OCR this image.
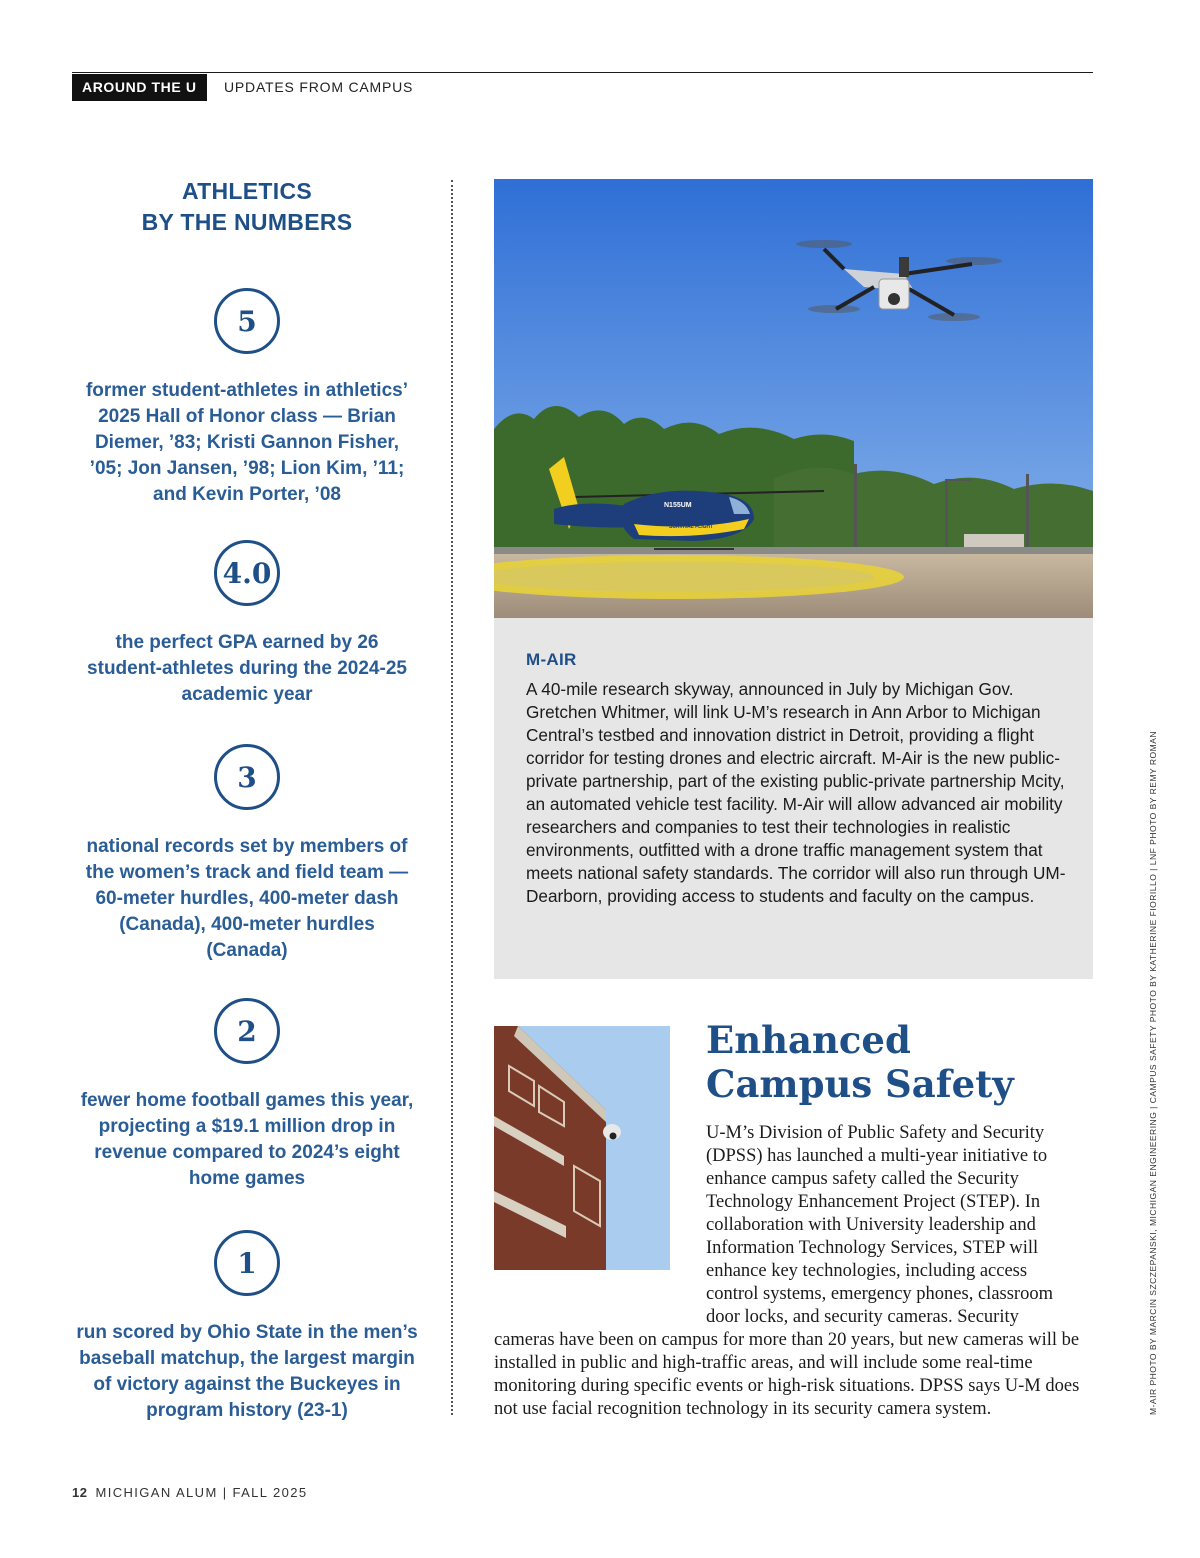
AROUND THE U	UPDATES FROM CAMPUS
ATHLETICS
BY THE NUMBERS
5
former student-athletes in athletics’ 2025 Hall of Honor class — Brian Diemer, ’83; Kristi Gannon Fisher, ’05; Jon Jansen, ’98; Lion Kim, ’11; and Kevin Porter, ’08
4.0
the perfect GPA earned by 26 student-athletes during the 2024-25 academic year
3
national records set by members of the women’s track and field team — 60-meter hurdles, 400-meter dash (Canada), 400-meter hurdles (Canada)
2
fewer home football games this year, projecting a $19.1 million drop in revenue compared to 2024’s eight home games
1
run scored by Ohio State in the men’s baseball matchup, the largest margin of victory against the Buckeyes in program history (23-1)
N155UM
SURVIVAL FLIGHT
M-AIR
A 40-mile research skyway, announced in July by Michigan Gov. Gretchen Whitmer, will link U-M’s research in Ann Arbor to Michigan Central’s testbed and innovation district in Detroit, providing a flight corridor for testing drones and electric aircraft. M-Air is the new public-private partnership, part of the existing public-private partnership Mcity, an automated vehicle test facility. M-Air will allow advanced air mobility researchers and companies to test their technologies in realistic environments, outfitted with a drone traffic management system that meets national safety standards. The corridor will also run through UM-Dearborn, providing access to students and faculty on the campus.
Enhanced
Campus Safety
U-M’s Division of Public Safety and Security (DPSS) has launched a multi-year initiative to enhance campus safety called the Security Technology Enhancement Project (STEP). In collaboration with University leadership and Information Technology Services, STEP will enhance key technologies, including access control systems, emergency phones, classroom door locks, and security cameras. Security cameras have been on campus for more than 20 years, but new cameras will be installed in public and high-traffic areas, and will include some real-time monitoring during specific events or high-risk situations. DPSS says U-M does not use facial recognition technology in its security camera system.
12 MICHIGAN ALUM | FALL 2025
M-AIR PHOTO BY MARCIN SZCZEPANSKI, MICHIGAN ENGINEERING | CAMPUS SAFETY PHOTO BY KATHERINE FIORILLO | LNF PHOTO BY REMY ROMAN
